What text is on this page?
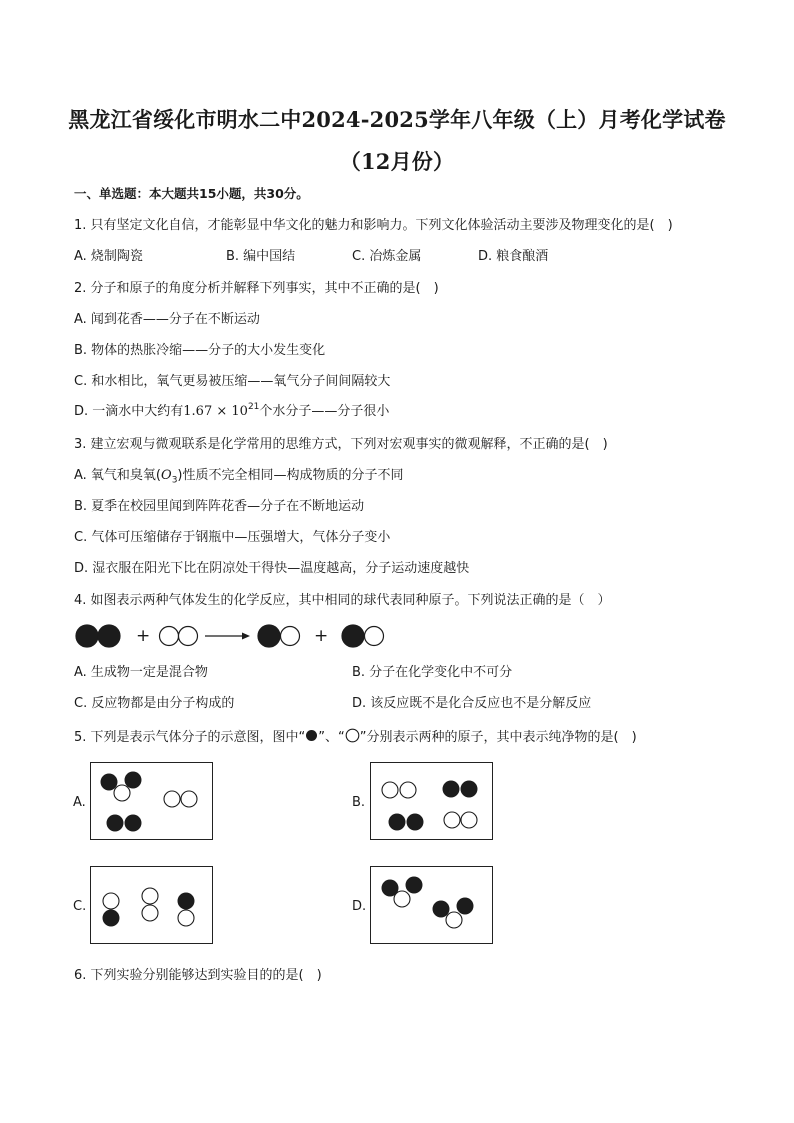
黑龙江省绥化市明水二中2024-2025学年八年级（上）月考化学试卷
（12月份）
一、单选题：本大题共15小题，共30分。
1. 只有坚定文化自信，才能彰显中华文化的魅力和影响力。下列文化体验活动主要涉及物理变化的是(　)
A. 烧制陶瓷	B. 编中国结	C. 冶炼金属	D. 粮食酿酒
2. 分子和原子的角度分析并解释下列事实，其中不正确的是(　)
A. 闻到花香——分子在不断运动
B. 物体的热胀冷缩——分子的大小发生变化
C. 和水相比，氧气更易被压缩——氧气分子间间隔较大
D. 一滴水中大约有$1.67 \times 10^{21}$个水分子——分子很小
3. 建立宏观与微观联系是化学常用的思维方式，下列对宏观事实的微观解释，不正确的是(　)
A. 氧气和臭氧$(O_3)$性质不完全相同—构成物质的分子不同
B. 夏季在校园里闻到阵阵花香—分子在不断地运动
C. 气体可压缩储存于钢瓶中—压强增大，气体分子变小
D. 湿衣服在阳光下比在阴凉处干得快—温度越高，分子运动速度越快
4. 如图表示两种气体发生的化学反应，其中相同的球代表同种原子。下列说法正确的是（　）
+	+
A. 生成物一定是混合物	B. 分子在化学变化中不可分
C. 反应物都是由分子构成的	D. 该反应既不是化合反应也不是分解反应
5. 下列是表示气体分子的示意图，图中“ ”、“ ”分别表示两种的原子，其中表示纯净物的是(　)
A.	B.
C.	D.
6. 下列实验分别能够达到实验目的的是(　)
